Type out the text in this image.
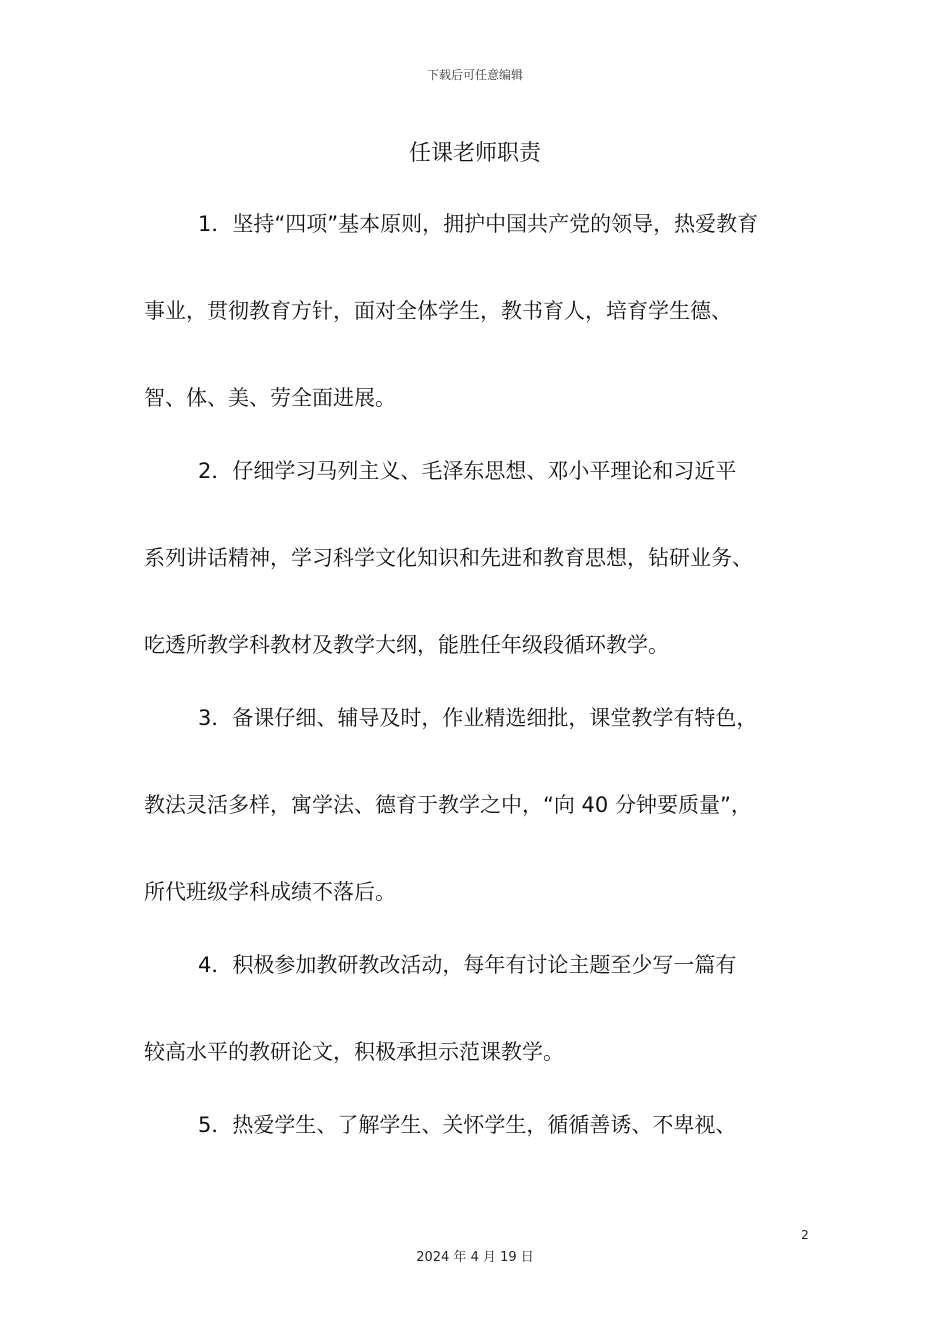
下载后可任意编辑
任课老师职责
1．坚持“四项”基本原则，拥护中国共产党的领导，热爱教育
事业，贯彻教育方针，面对全体学生，教书育人，培育学生德、
智、体、美、劳全面进展。
2．仔细学习马列主义、毛泽东思想、邓小平理论和习近平
系列讲话精神，学习科学文化知识和先进和教育思想，钻研业务、
吃透所教学科教材及教学大纲，能胜任年级段循环教学。
3．备课仔细、辅导及时，作业精选细批，课堂教学有特色，
教法灵活多样，寓学法、德育于教学之中，“向 40 分钟要质量”，
所代班级学科成绩不落后。
4．积极参加教研教改活动，每年有讨论主题至少写一篇有
较高水平的教研论文，积极承担示范课教学。
5．热爱学生、了解学生、关怀学生，循循善诱、不卑视、
2
2024 年 4 月 19 日
